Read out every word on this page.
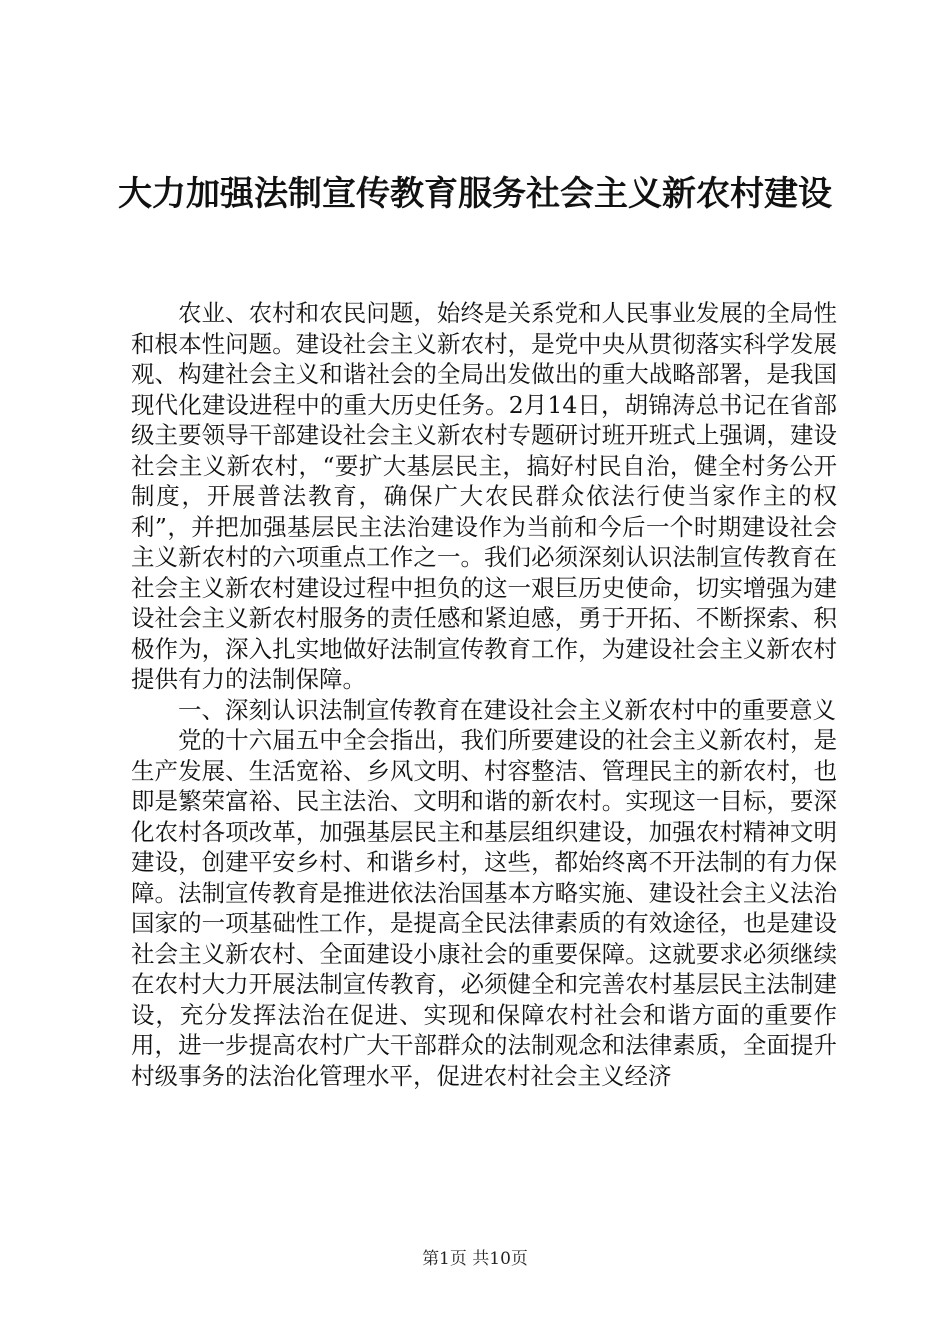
大力加强法制宣传教育服务社会主义新农村建设

农业、农村和农民问题，始终是关系党和人民事业发展的全局性和根本性问题。建设社会主义新农村，是党中央从贯彻落实科学发展观、构建社会主义和谐社会的全局出发做出的重大战略部署，是我国现代化建设进程中的重大历史任务。2月14日，胡锦涛总书记在省部级主要领导干部建设社会主义新农村专题研讨班开班式上强调，建设社会主义新农村，“要扩大基层民主，搞好村民自治，健全村务公开制度，开展普法教育，确保广大农民群众依法行使当家作主的权利”，并把加强基层民主法治建设作为当前和今后一个时期建设社会主义新农村的六项重点工作之一。我们必须深刻认识法制宣传教育在社会主义新农村建设过程中担负的这一艰巨历史使命，切实增强为建设社会主义新农村服务的责任感和紧迫感，勇于开拓、不断探索、积极作为，深入扎实地做好法制宣传教育工作，为建设社会主义新农村提供有力的法制保障。

一、深刻认识法制宣传教育在建设社会主义新农村中的重要意义

党的十六届五中全会指出，我们所要建设的社会主义新农村，是生产发展、生活宽裕、乡风文明、村容整洁、管理民主的新农村，也即是繁荣富裕、民主法治、文明和谐的新农村。实现这一目标，要深化农村各项改革，加强基层民主和基层组织建设，加强农村精神文明建设，创建平安乡村、和谐乡村，这些，都始终离不开法制的有力保障。法制宣传教育是推进依法治国基本方略实施、建设社会主义法治国家的一项基础性工作，是提高全民法律素质的有效途径，也是建设社会主义新农村、全面建设小康社会的重要保障。这就要求必须继续在农村大力开展法制宣传教育，必须健全和完善农村基层民主法制建设，充分发挥法治在促进、实现和保障农村社会和谐方面的重要作用，进一步提高农村广大干部群众的法制观念和法律素质，全面提升村级事务的法治化管理水平，促进农村社会主义经济

第1页 共10页
